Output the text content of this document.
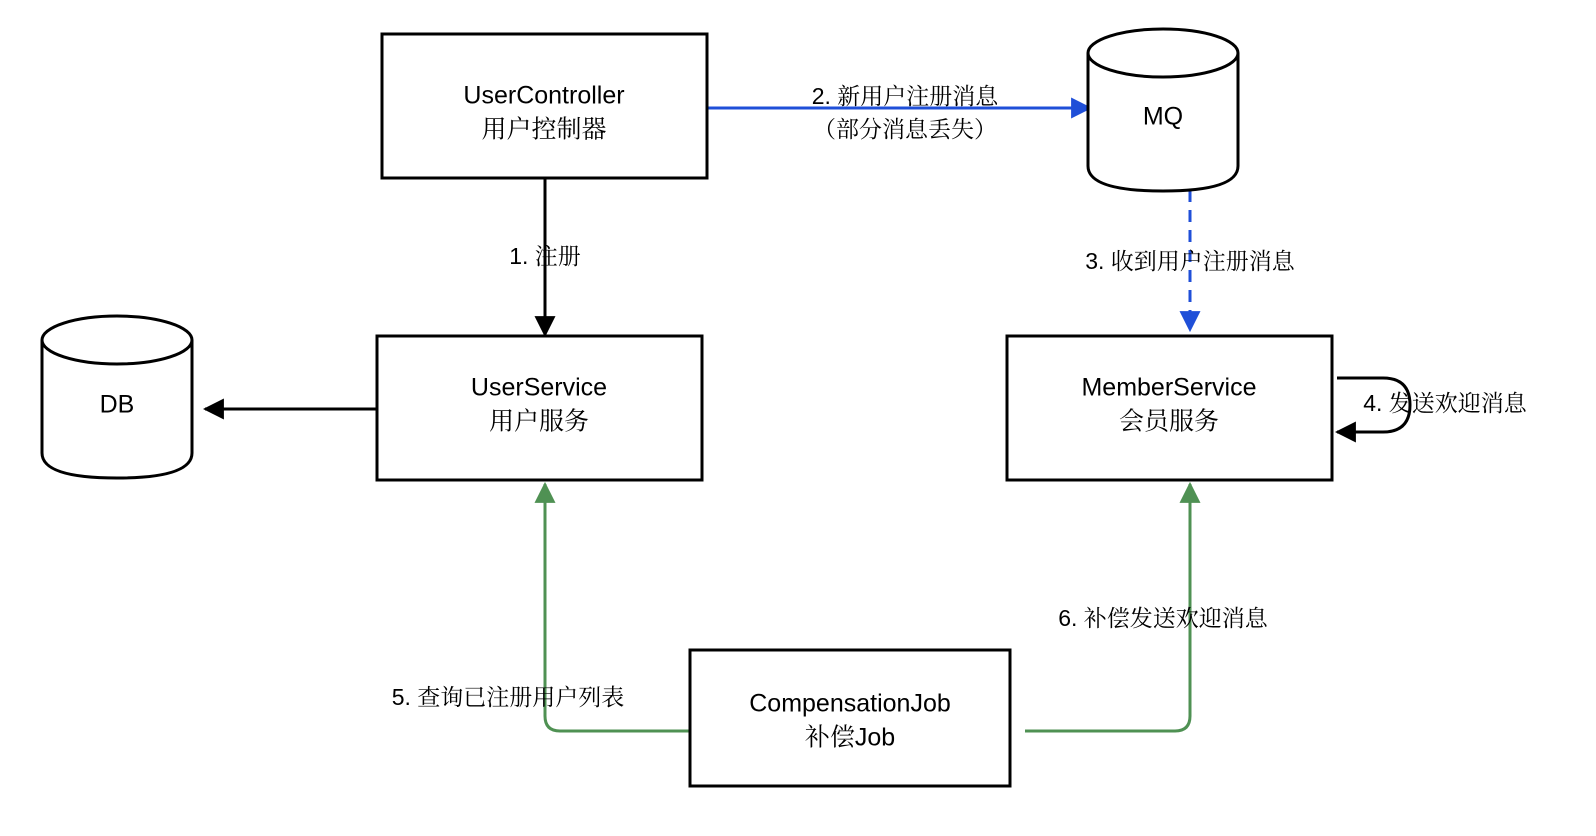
1. 注册
2. 新用户注册消息
（部分消息丢失）
3. 收到用户注册消息
4. 发送欢迎消息
5. 查询已注册用户列表
6. 补偿发送欢迎消息
UserController
用户控制器	MQ
DB
UserService
用户服务
MemberService
会员服务
CompensationJob
补偿Job
